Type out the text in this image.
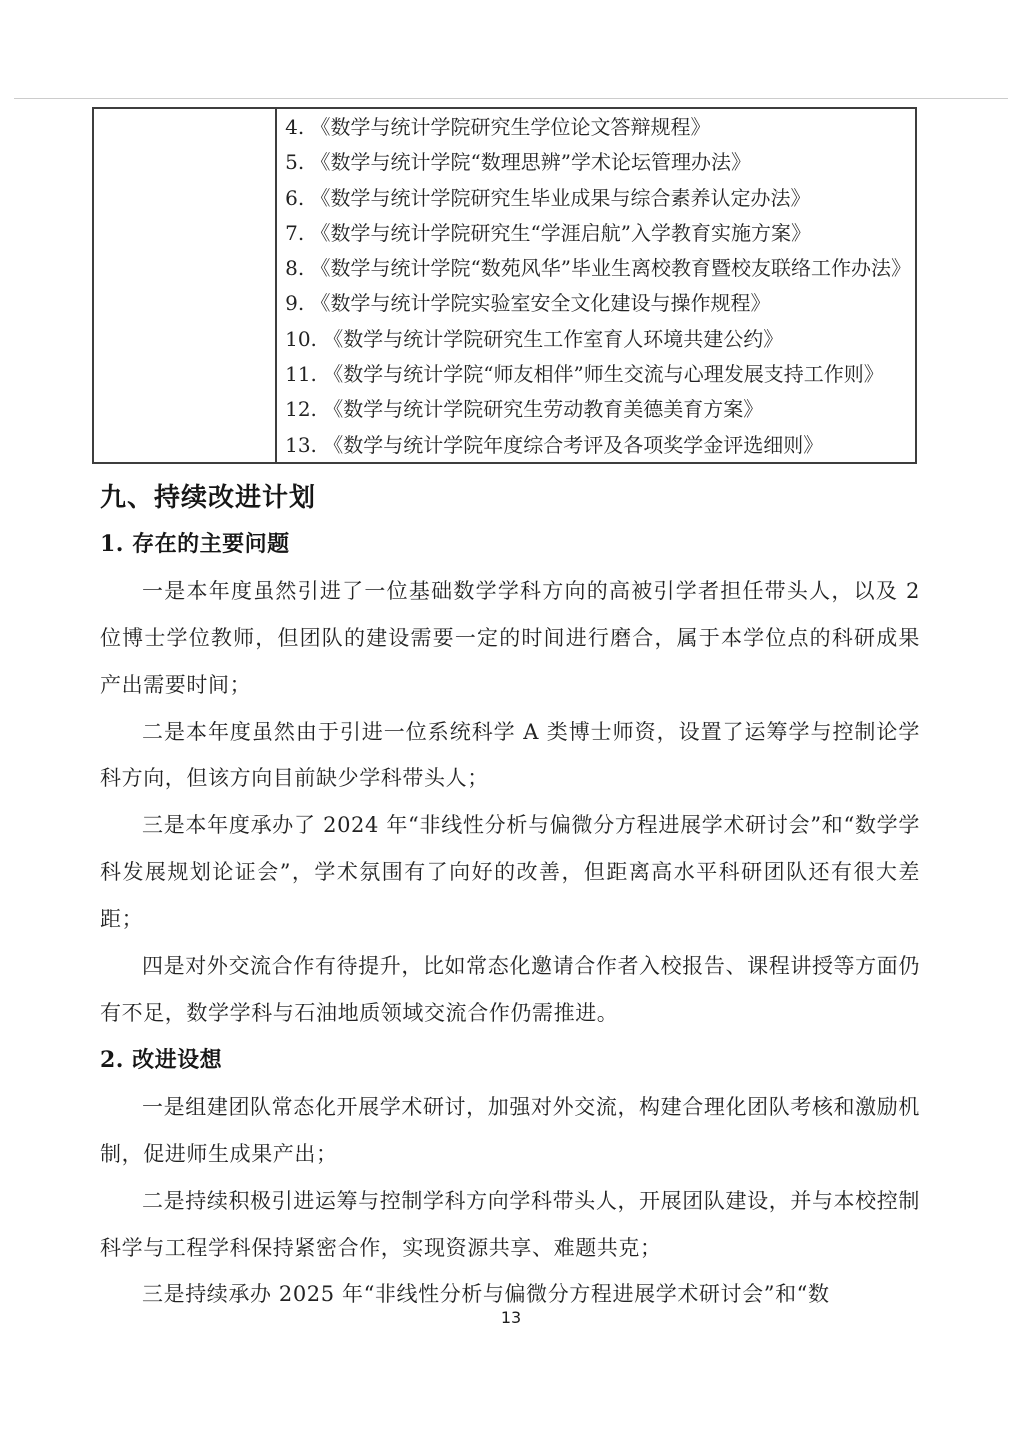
4. 《数学与统计学院研究生学位论文答辩规程》
5. 《数学与统计学院“数理思辨”学术论坛管理办法》
6. 《数学与统计学院研究生毕业成果与综合素养认定办法》
7. 《数学与统计学院研究生“学涯启航”入学教育实施方案》
8. 《数学与统计学院“数苑风华”毕业生离校教育暨校友联络工作办法》
9. 《数学与统计学院实验室安全文化建设与操作规程》
10. 《数学与统计学院研究生工作室育人环境共建公约》
11. 《数学与统计学院“师友相伴”师生交流与心理发展支持工作则》
12. 《数学与统计学院研究生劳动教育美德美育方案》
13. 《数学与统计学院年度综合考评及各项奖学金评选细则》
九、持续改进计划
1. 存在的主要问题

一是本年度虽然引进了一位基础数学学科方向的高被引学者担任带头人，以及 2 位博士学位教师，但团队的建设需要一定的时间进行磨合，属于本学位点的科研成果产出需要时间；

二是本年度虽然由于引进一位系统科学 A 类博士师资，设置了运筹学与控制论学科方向，但该方向目前缺少学科带头人；

三是本年度承办了 2024 年“非线性分析与偏微分方程进展学术研讨会”和“数学学科发展规划论证会”，学术氛围有了向好的改善，但距离高水平科研团队还有很大差距；

四是对外交流合作有待提升，比如常态化邀请合作者入校报告、课程讲授等方面仍有不足，数学学科与石油地质领域交流合作仍需推进。

2. 改进设想

一是组建团队常态化开展学术研讨，加强对外交流，构建合理化团队考核和激励机制，促进师生成果产出；

二是持续积极引进运筹与控制学科方向学科带头人，开展团队建设，并与本校控制科学与工程学科保持紧密合作，实现资源共享、难题共克；

三是持续承办 2025 年“非线性分析与偏微分方程进展学术研讨会”和“数

13
